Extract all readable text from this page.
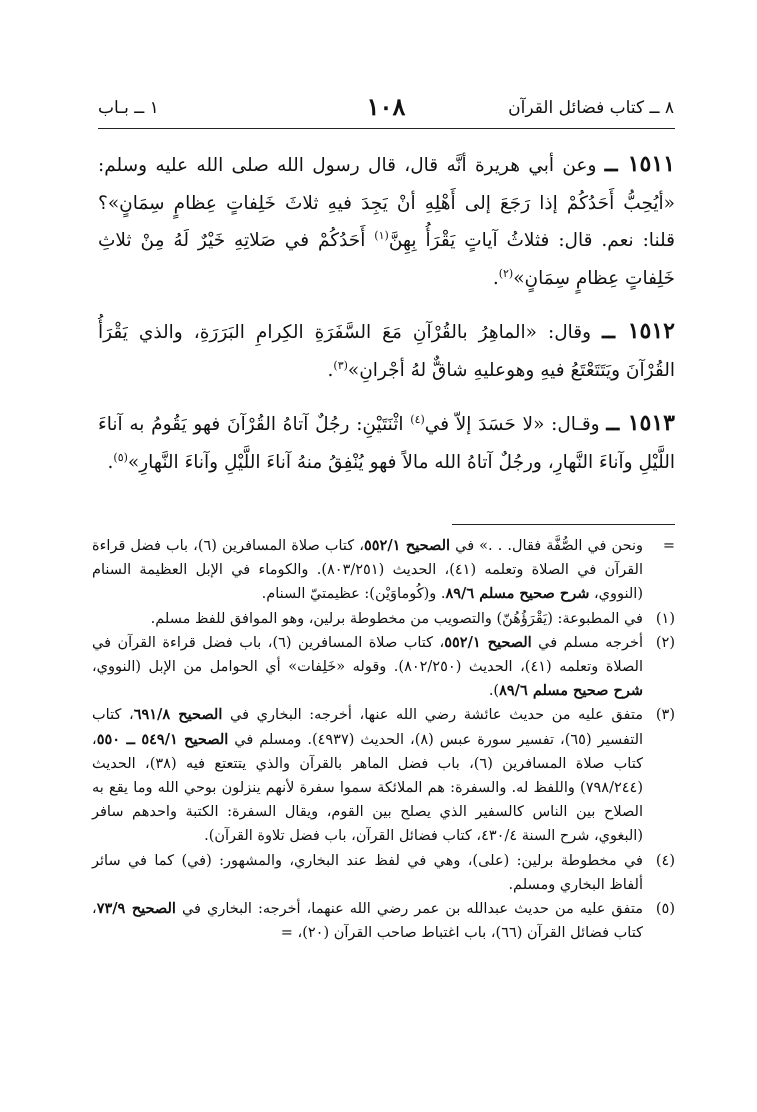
٨ ــ كتاب فضائل القرآن
١٠٨
١ ــ بـاب

١٥١١ ــ وعن أبي هريرة أنَّه قال، قال رسول الله صلى الله عليه وسلم: «أيُحِبُّ أَحَدُكُمْ إذا رَجَعَ إلى أَهْلِهِ أنْ يَجِدَ فيهِ ثلاثَ خَلِفاتٍ عِظامٍ سِمَانٍ»؟ قلنا: نعم. قال: فثلاثُ آياتٍ يَقْرَأُ بِهِنَّ$^{(١)}$ أَحَدُكُمْ في صَلاتِهِ خَيْرٌ لَهُ مِنْ ثلاثِ خَلِفاتٍ عِظامٍ سِمَانٍ»$^{(٢)}$.

١٥١٢ ــ وقال: «الماهِرُ بالقُرْآنِ مَعَ السَّفَرَةِ الكِرامِ البَرَرَةِ، والذي يَقْرَأُ القُرْآنَ ويَتَتَعْتَعُ فيهِ وهوعليهِ شاقٌّ لهُ أجْرانِ»$^{(٣)}$.

١٥١٣ ــ وقـال: «لا حَسَدَ إلاّ في$^{(٤)}$ اثْنَتَيْنِ: رجُلٌ آتاهُ القُرْآنَ فهو يَقُومُ به آناءَ اللَّيْلِ وآناءَ النَّهارِ، ورجُلٌ آتاهُ الله مالاً فهو يُنْفِقُ منهُ آناءَ اللَّيْلِ وآناءَ النَّهارِ»$^{(٥)}$.

=
ونحن في الصُّفَّة فقال. . .» في الصحيح ٥٥٢/١، كتاب صلاة المسافرين (٦)، باب فضل قراءة القرآن في الصلاة وتعلمه (٤١)، الحديث (٨٠٣/٢٥١). والكوماء في الإبل العظيمة السنام (النووي، شرح صحيح مسلم ٨٩/٦. و(كُوماوَيْن): عظيمتيّ السنام.
(١)
في المطبوعة: (يَقْرَؤُهُنّ) والتصويب من مخطوطة برلين، وهو الموافق للفظ مسلم.
(٢)
أخرجه مسلم في الصحيح ٥٥٢/١، كتاب صلاة المسافرين (٦)، باب فضل قراءة القرآن في الصلاة وتعلمه (٤١)، الحديث (٨٠٢/٢٥٠). وقوله «خَلِفات» أي الحوامل من الإبل (النووي، شرح صحيح مسلم ٨٩/٦).
(٣)
متفق عليه من حديث عائشة رضي الله عنها، أخرجه: البخاري في الصحيح ٦٩١/٨، كتاب التفسير (٦٥)، تفسير سورة عبس (٨)، الحديث (٤٩٣٧). ومسلم في الصحيح ٥٤٩/١ ــ ٥٥٠، كتاب صلاة المسافرين (٦)، باب فضل الماهر بالقرآن والذي يتتعتع فيه (٣٨)، الحديث (٧٩٨/٢٤٤) واللفظ له. والسفرة: هم الملائكة سموا سفرة لأنهم ينزلون بوحي الله وما يقع به الصلاح بين الناس كالسفير الذي يصلح بين القوم، ويقال السفرة: الكتبة واحدهم سافر (البغوي، شرح السنة ٤٣٠/٤، كتاب فضائل القرآن، باب فضل تلاوة القرآن).
(٤)
في مخطوطة برلين: (على)، وهي في لفظ عند البخاري، والمشهور: (في) كما في سائر ألفاظ البخاري ومسلم.
(٥)
متفق عليه من حديث عبدالله بن عمر رضي الله عنهما، أخرجه: البخاري في الصحيح ٧٣/٩، كتاب فضائل القرآن (٦٦)، باب اغتباط صاحب القرآن (٢٠)، =
